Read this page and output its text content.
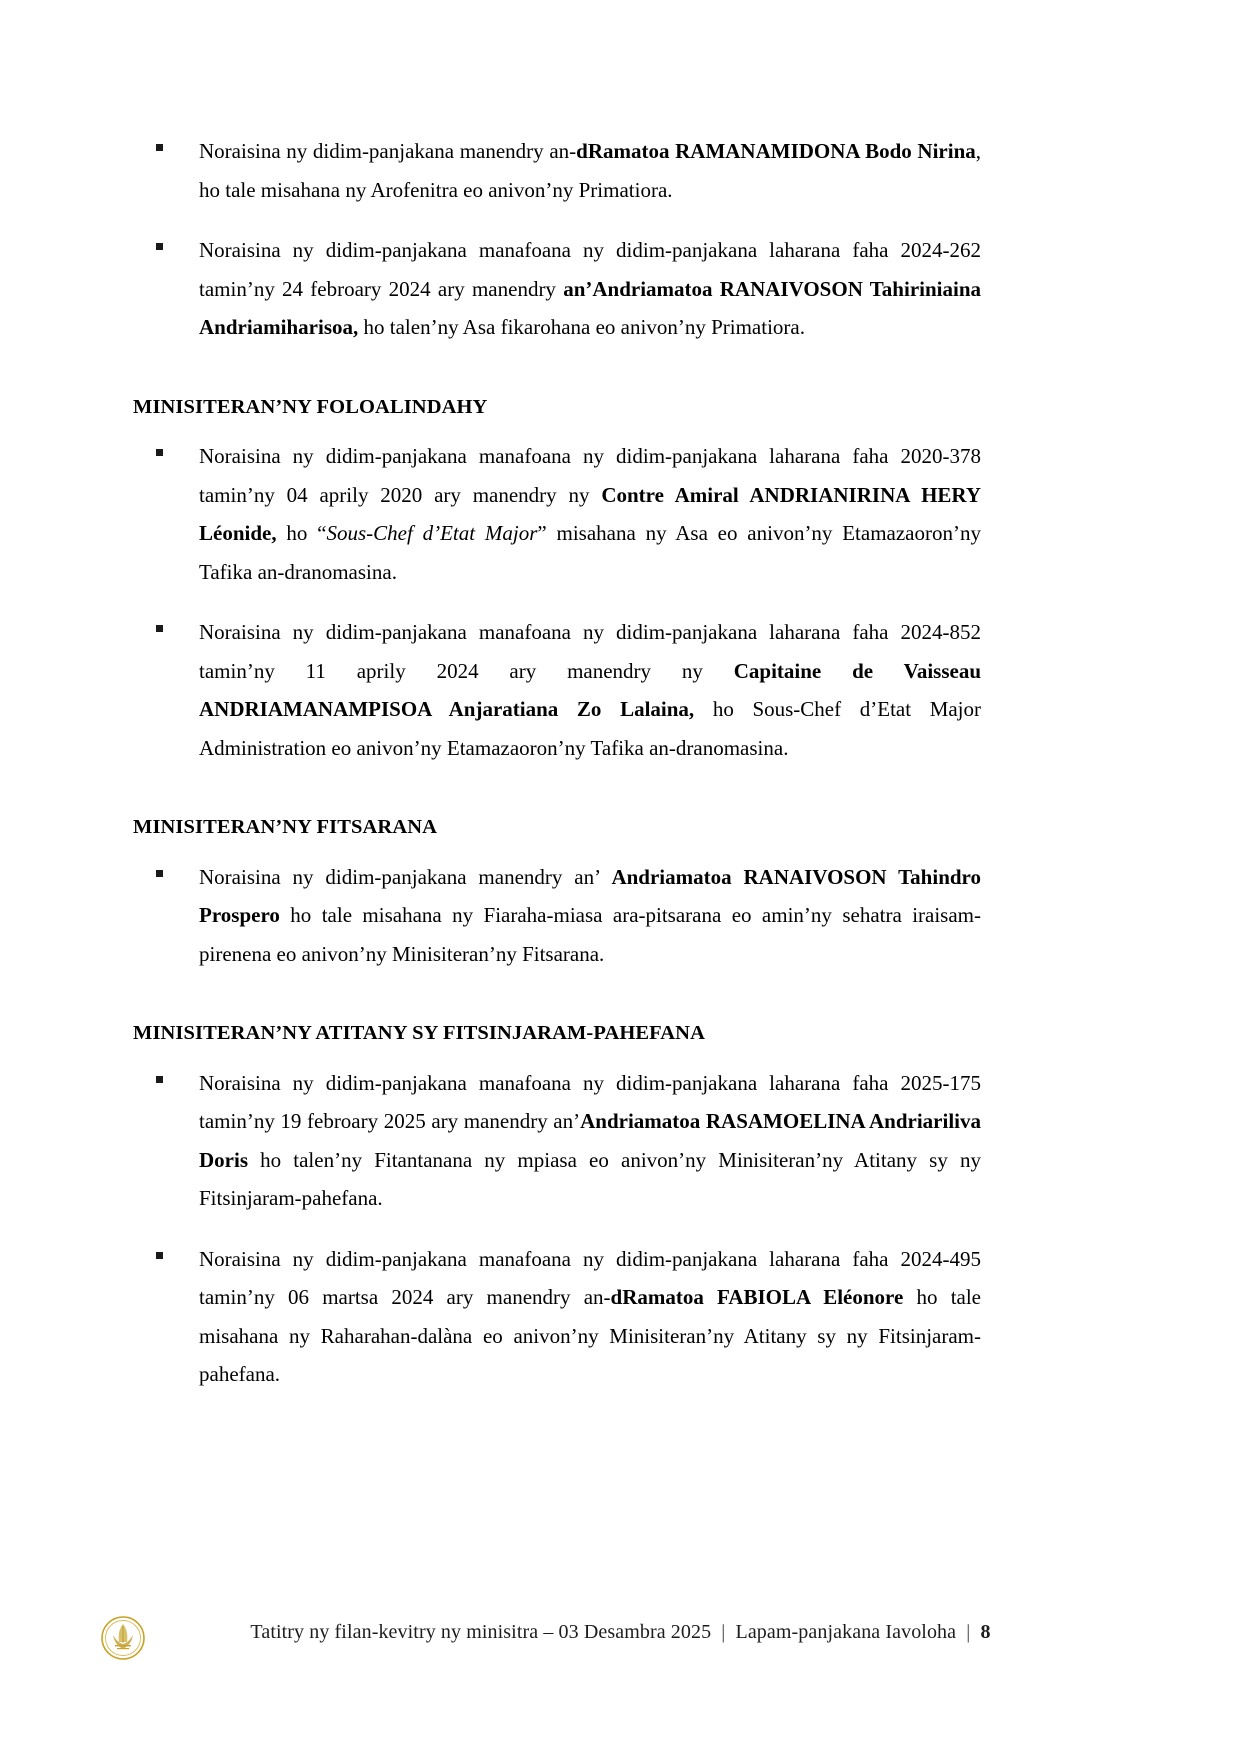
Noraisina ny didim-panjakana manendry an-dRamatoa RAMANAMIDONA Bodo Nirina, ho tale misahana ny Arofenitra eo anivon’ny Primatiora.

Noraisina ny didim-panjakana manafoana ny didim-panjakana laharana faha 2024-262 tamin’ny 24 febroary 2024 ary manendry an’Andriamatoa RANAIVOSON Tahiriniaina Andriamiharisoa, ho talen’ny Asa fikarohana eo anivon’ny Primatiora.

MINISITERAN’NY FOLOALINDAHY

Noraisina ny didim-panjakana manafoana ny didim-panjakana laharana faha 2020-378 tamin’ny 04 aprily 2020 ary manendry ny Contre Amiral ANDRIANIRINA HERY Léonide, ho “Sous-Chef d’Etat Major” misahana ny Asa eo anivon’ny Etamazaoron’ny Tafika an-dranomasina.

Noraisina ny didim-panjakana manafoana ny didim-panjakana laharana faha 2024-852 tamin’ny 11 aprily 2024 ary manendry ny Capitaine de Vaisseau ANDRIAMANAMPISOA Anjaratiana Zo Lalaina, ho Sous-Chef d’Etat Major Administration eo anivon’ny Etamazaoron’ny Tafika an-dranomasina.

MINISITERAN’NY FITSARANA

Noraisina ny didim-panjakana manendry an’ Andriamatoa RANAIVOSON Tahindro Prospero ho tale misahana ny Fiaraha-miasa ara-pitsarana eo amin’ny sehatra iraisam-pirenena eo anivon’ny Minisiteran’ny Fitsarana.

MINISITERAN’NY ATITANY SY FITSINJARAM-PAHEFANA

Noraisina ny didim-panjakana manafoana ny didim-panjakana laharana faha 2025-175 tamin’ny 19 febroary 2025 ary manendry an’Andriamatoa RASAMOELINA Andriariliva Doris ho talen’ny Fitantanana ny mpiasa eo anivon’ny Minisiteran’ny Atitany sy ny Fitsinjaram-pahefana.

Noraisina ny didim-panjakana manafoana ny didim-panjakana laharana faha 2024-495 tamin’ny 06 martsa 2024 ary manendry an-dRamatoa FABIOLA Eléonore ho tale misahana ny Raharahan-dalàna eo anivon’ny Minisiteran’ny Atitany sy ny Fitsinjaram-pahefana.

Tatitry ny filan-kevitry ny minisitra – 03 Desambra 2025 | Lapam-panjakana Iavoloha | 8
